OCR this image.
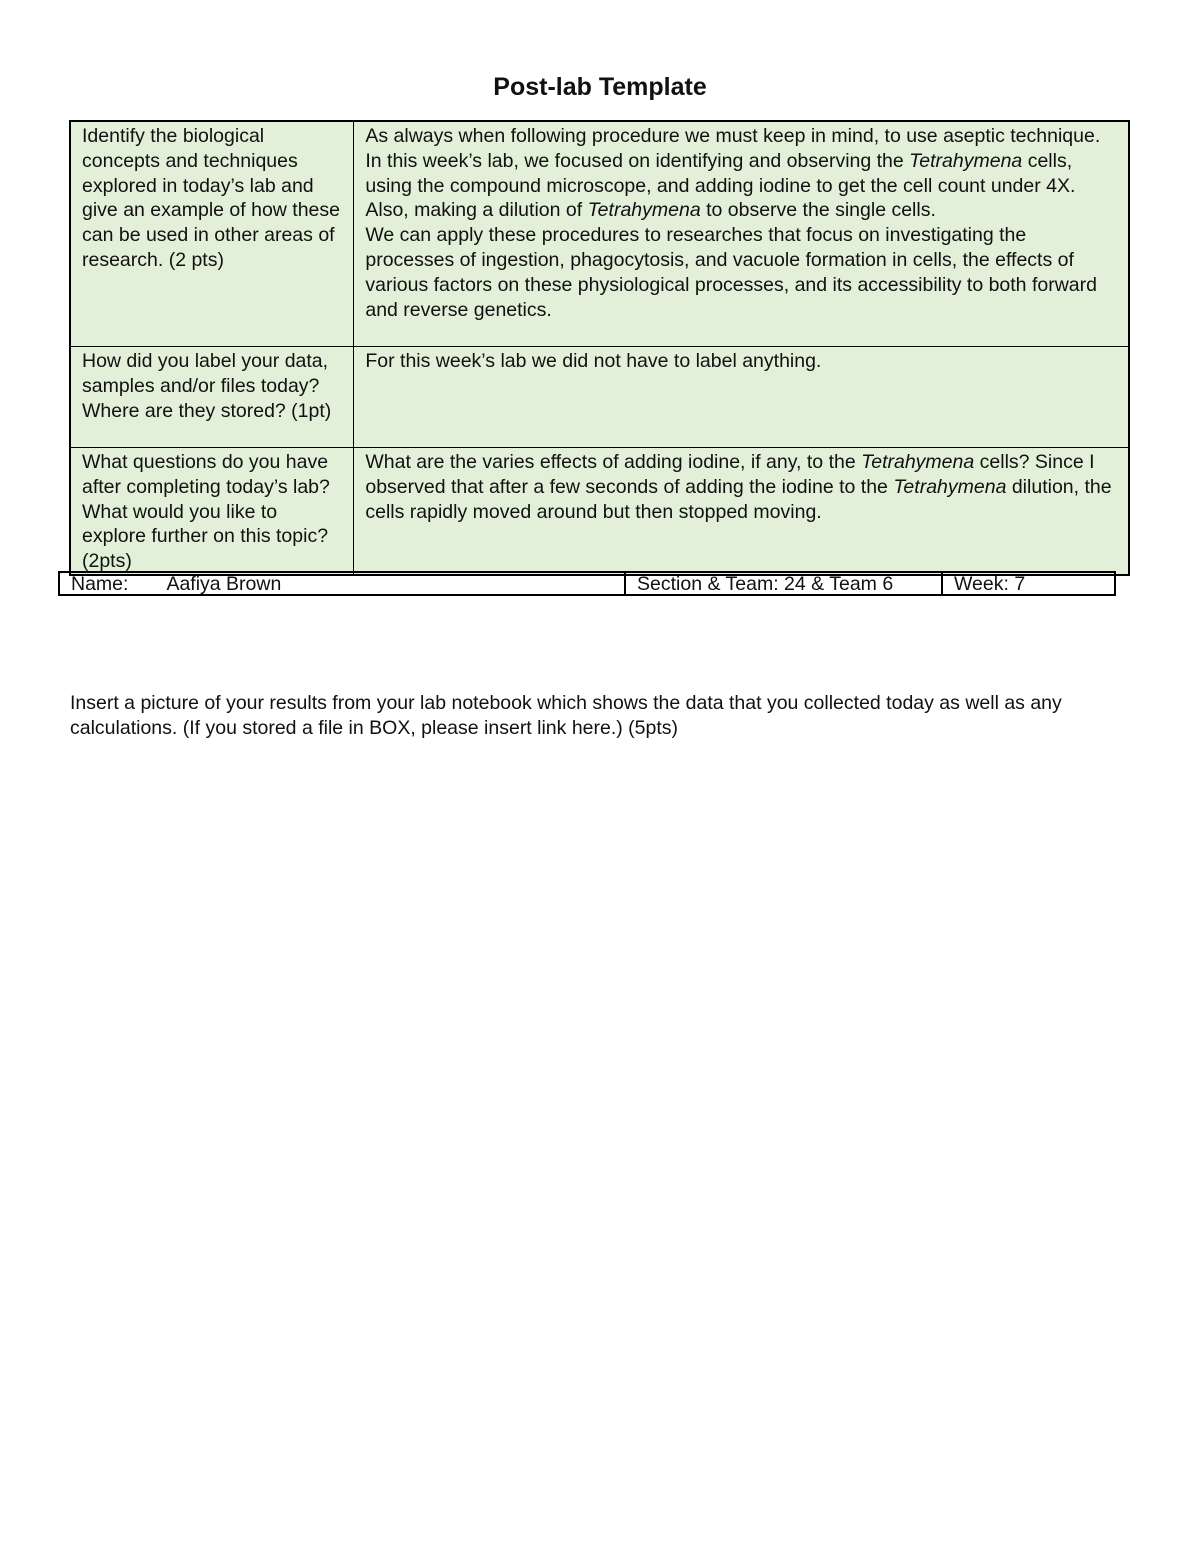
Post-lab Template
Identify the biological concepts and techniques explored in today’s lab and give an example of how these can be used in other areas of research. (2 pts)	As always when following procedure we must keep in mind, to use aseptic technique. In this week’s lab, we focused on identifying and observing the Tetrahymena cells, using the compound microscope, and adding iodine to get the cell count under 4X. Also, making a dilution of Tetrahymena to observe the single cells.
We can apply these procedures to researches that focus on investigating the processes of ingestion, phagocytosis, and vacuole formation in cells, the effects of various factors on these physiological processes, and its accessibility to both forward and reverse genetics.
How did you label your data, samples and/or files today? Where are they stored? (1pt)	For this week’s lab we did not have to label anything.
What questions do you have after completing today’s lab? What would you like to explore further on this topic? (2pts)	What are the varies effects of adding iodine, if any, to the Tetrahymena cells? Since I observed that after a few seconds of adding the iodine to the Tetrahymena dilution, the cells rapidly moved around but then stopped moving.
Name: Aafiya Brown	Section & Team: 24 & Team 6	Week: 7
Insert a picture of your results from your lab notebook which shows the data that you collected today as well as any calculations. (If you stored a file in BOX, please insert link here.) (5pts)
